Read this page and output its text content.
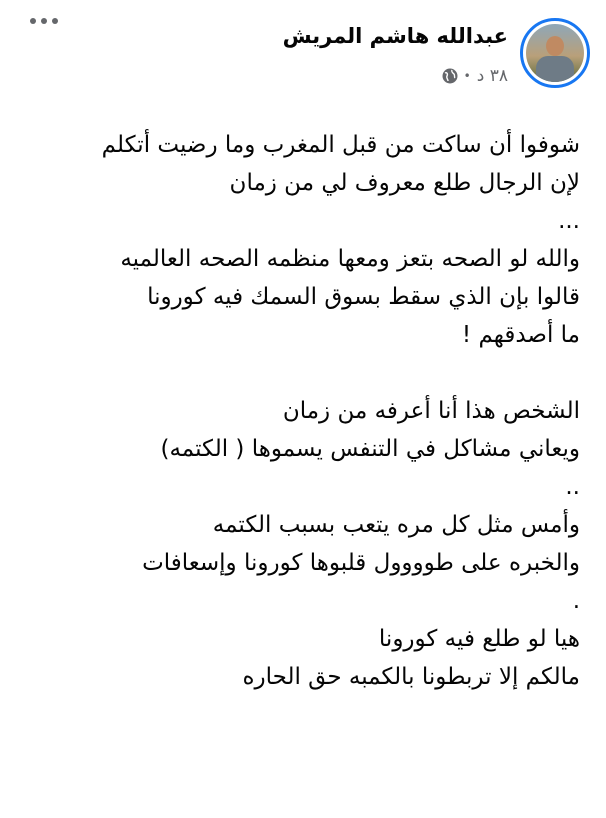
عبدالله هاشم المريش
٣٨ د
•
شوفوا أن ساكت من قبل المغرب وما رضيت أتكلم
لإن الرجال طلع معروف لي من زمان
...
والله لو الصحه بتعز ومعها منظمه الصحه العالميه
قالوا بإن الذي سقط بسوق السمك فيه كورونا
ما أصدقهم !
الشخص هذا أنا أعرفه من زمان
ويعاني مشاكل في التنفس يسموها ( الكتمه)
..
وأمس مثل كل مره يتعب بسبب الكتمه
والخبره على طوووول قلبوها كورونا وإسعافات
.
هيا لو طلع فيه كورونا
مالكم إلا تربطونا بالكمبه حق الحاره
